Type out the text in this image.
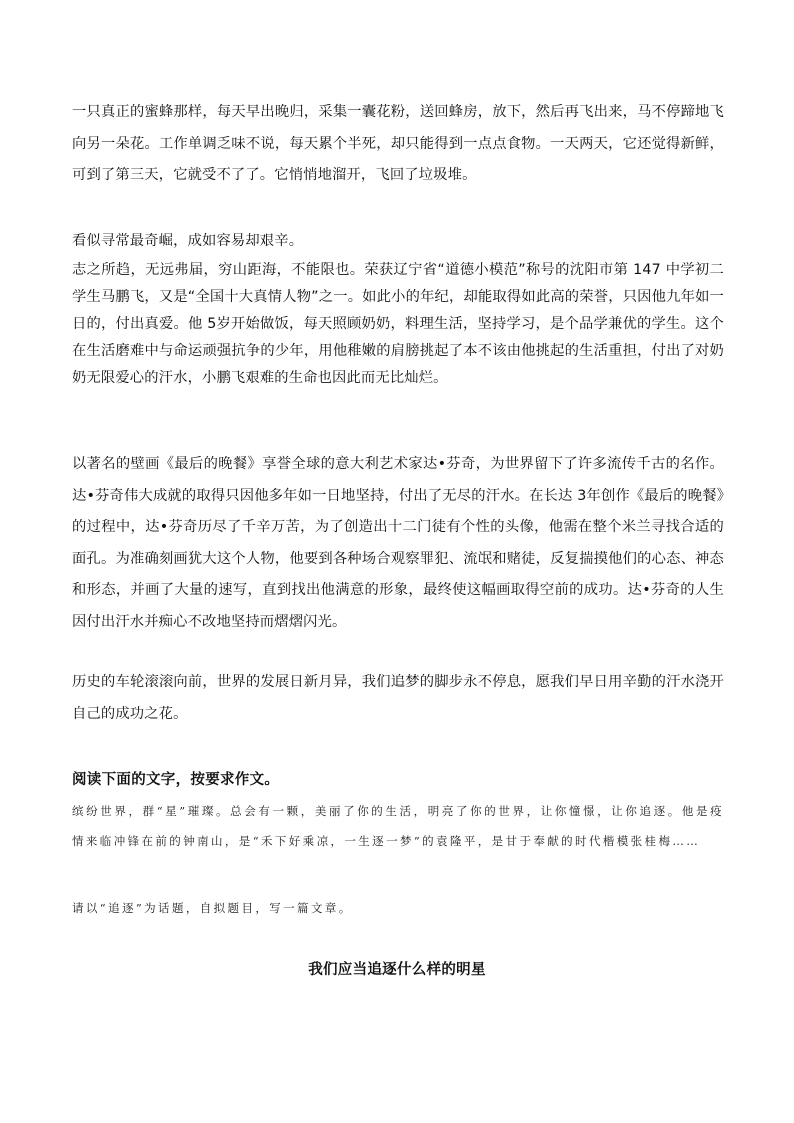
一只真正的蜜蜂那样，每天早出晚归，采集一囊花粉，送回蜂房，放下，然后再飞出来，马不停蹄地飞向另一朵花。工作单调乏味不说，每天累个半死，却只能得到一点点食物。一天两天，它还觉得新鲜，可到了第三天，它就受不了了。它悄悄地溜开，飞回了垃圾堆。

看似寻常最奇崛，成如容易却艰辛。

志之所趋，无远弗届，穷山距海，不能限也。荣获辽宁省“道德小模范”称号的沈阳市第 147 中学初二学生马鹏飞，又是“全国十大真情人物”之一。如此小的年纪，却能取得如此高的荣誉，只因他九年如一日的，付出真爱。他 5岁开始做饭，每天照顾奶奶，料理生活，坚持学习，是个品学兼优的学生。这个在生活磨难中与命运顽强抗争的少年，用他稚嫩的肩膀挑起了本不该由他挑起的生活重担，付出了对奶奶无限爱心的汗水，小鹏飞艰难的生命也因此而无比灿烂。

以著名的壁画《最后的晚餐》享誉全球的意大利艺术家达•芬奇，为世界留下了许多流传千古的名作。达•芬奇伟大成就的取得只因他多年如一日地坚持，付出了无尽的汗水。在长达 3年创作《最后的晚餐》的过程中，达•芬奇历尽了千辛万苦，为了创造出十二门徒有个性的头像，他需在整个米兰寻找合适的面孔。为准确刻画犹大这个人物，他要到各种场合观察罪犯、流氓和赌徒，反复揣摸他们的心态、神态和形态，并画了大量的速写，直到找出他满意的形象，最终使这幅画取得空前的成功。达•芬奇的人生因付出汗水并痴心不改地坚持而熠熠闪光。

历史的车轮滚滚向前，世界的发展日新月异，我们追梦的脚步永不停息，愿我们早日用辛勤的汗水浇开自己的成功之花。

阅读下面的文字，按要求作文。

缤纷世界，群“星”璀璨。总会有一颗，美丽了你的生活，明亮了你的世界，让你憧憬，让你追逐。他是疫情来临冲锋在前的钟南山，是“禾下好乘凉，一生逐一梦”的袁隆平，是甘于奉献的时代楷模张桂梅……

请以“追逐”为话题，自拟题目，写一篇文章。

我们应当追逐什么样的明星
